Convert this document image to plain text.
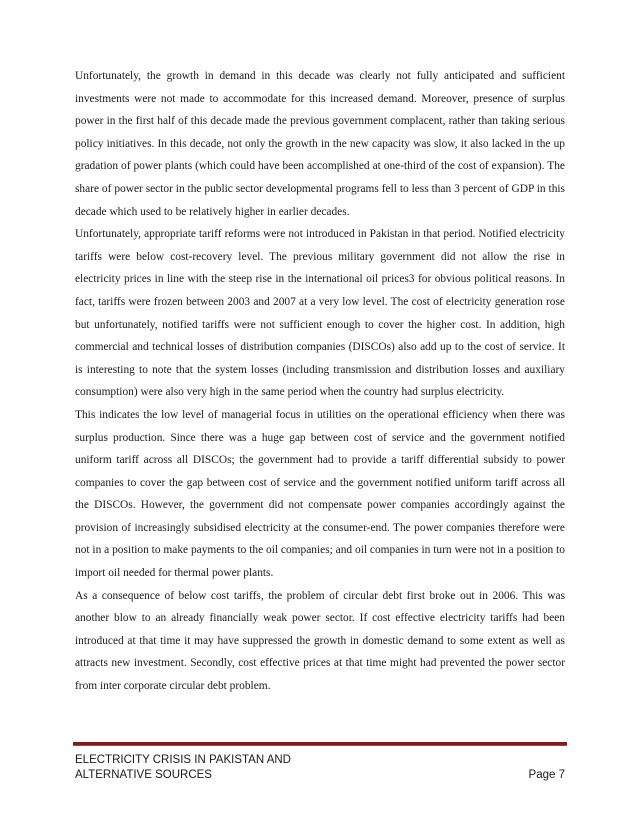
Unfortunately, the growth in demand in this decade was clearly not fully anticipated and sufficient investments were not made to accommodate for this increased demand. Moreover, presence of surplus power in the first half of this decade made the previous government complacent, rather than taking serious policy initiatives. In this decade, not only the growth in the new capacity was slow, it also lacked in the up gradation of power plants (which could have been accomplished at one-third of the cost of expansion). The share of power sector in the public sector developmental programs fell to less than 3 percent of GDP in this decade which used to be relatively higher in earlier decades.

Unfortunately, appropriate tariff reforms were not introduced in Pakistan in that period. Notified electricity tariffs were below cost-recovery level. The previous military government did not allow the rise in electricity prices in line with the steep rise in the international oil prices3 for obvious political reasons. In fact, tariffs were frozen between 2003 and 2007 at a very low level. The cost of electricity generation rose but unfortunately, notified tariffs were not sufficient enough to cover the higher cost. In addition, high commercial and technical losses of distribution companies (DISCOs) also add up to the cost of service. It is interesting to note that the system losses (including transmission and distribution losses and auxiliary consumption) were also very high in the same period when the country had surplus electricity.

This indicates the low level of managerial focus in utilities on the operational efficiency when there was surplus production. Since there was a huge gap between cost of service and the government notified uniform tariff across all DISCOs; the government had to provide a tariff differential subsidy to power companies to cover the gap between cost of service and the government notified uniform tariff across all the DISCOs. However, the government did not compensate power companies accordingly against the provision of increasingly subsidised electricity at the consumer-end. The power companies therefore were not in a position to make payments to the oil companies; and oil companies in turn were not in a position to import oil needed for thermal power plants.

As a consequence of below cost tariffs, the problem of circular debt first broke out in 2006. This was another blow to an already financially weak power sector. If cost effective electricity tariffs had been introduced at that time it may have suppressed the growth in domestic demand to some extent as well as attracts new investment. Secondly, cost effective prices at that time might had prevented the power sector from inter corporate circular debt problem.

ELECTRICITY CRISIS IN PAKISTAN AND
ALTERNATIVE SOURCES	Page 7
